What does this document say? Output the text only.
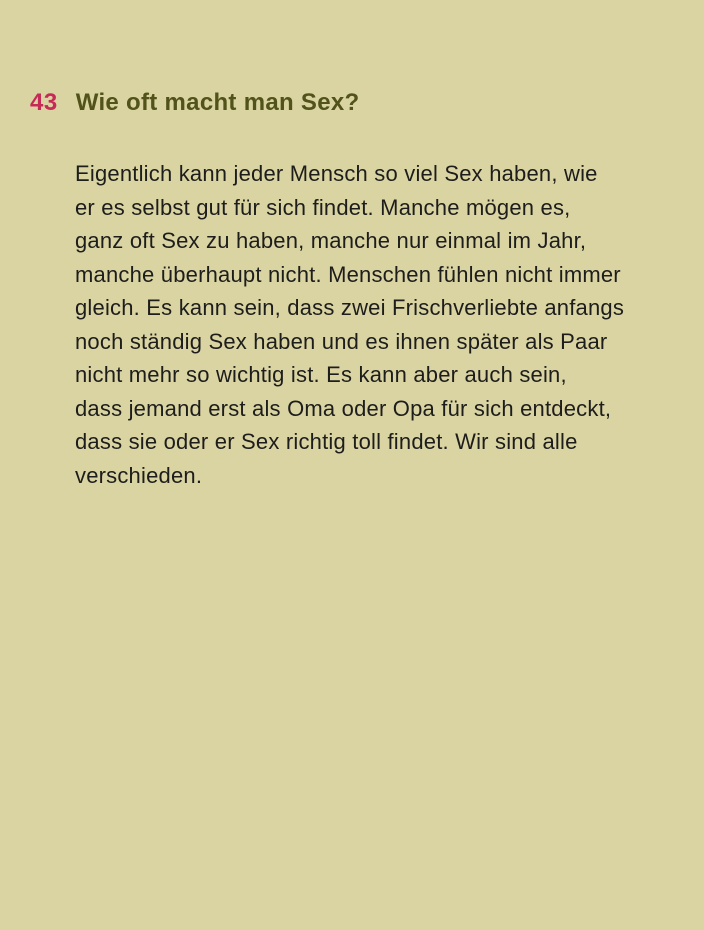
43 Wie oft macht man Sex?
Eigentlich kann jeder Mensch so viel Sex haben, wie
er es selbst gut für sich findet. Manche mögen es,
ganz oft Sex zu haben, manche nur einmal im Jahr,
manche überhaupt nicht. Menschen fühlen nicht immer
gleich. Es kann sein, dass zwei Frischverliebte anfangs
noch ständig Sex haben und es ihnen später als Paar
nicht mehr so wichtig ist. Es kann aber auch sein,
dass jemand erst als Oma oder Opa für sich entdeckt,
dass sie oder er Sex richtig toll findet. Wir sind alle
verschieden.
